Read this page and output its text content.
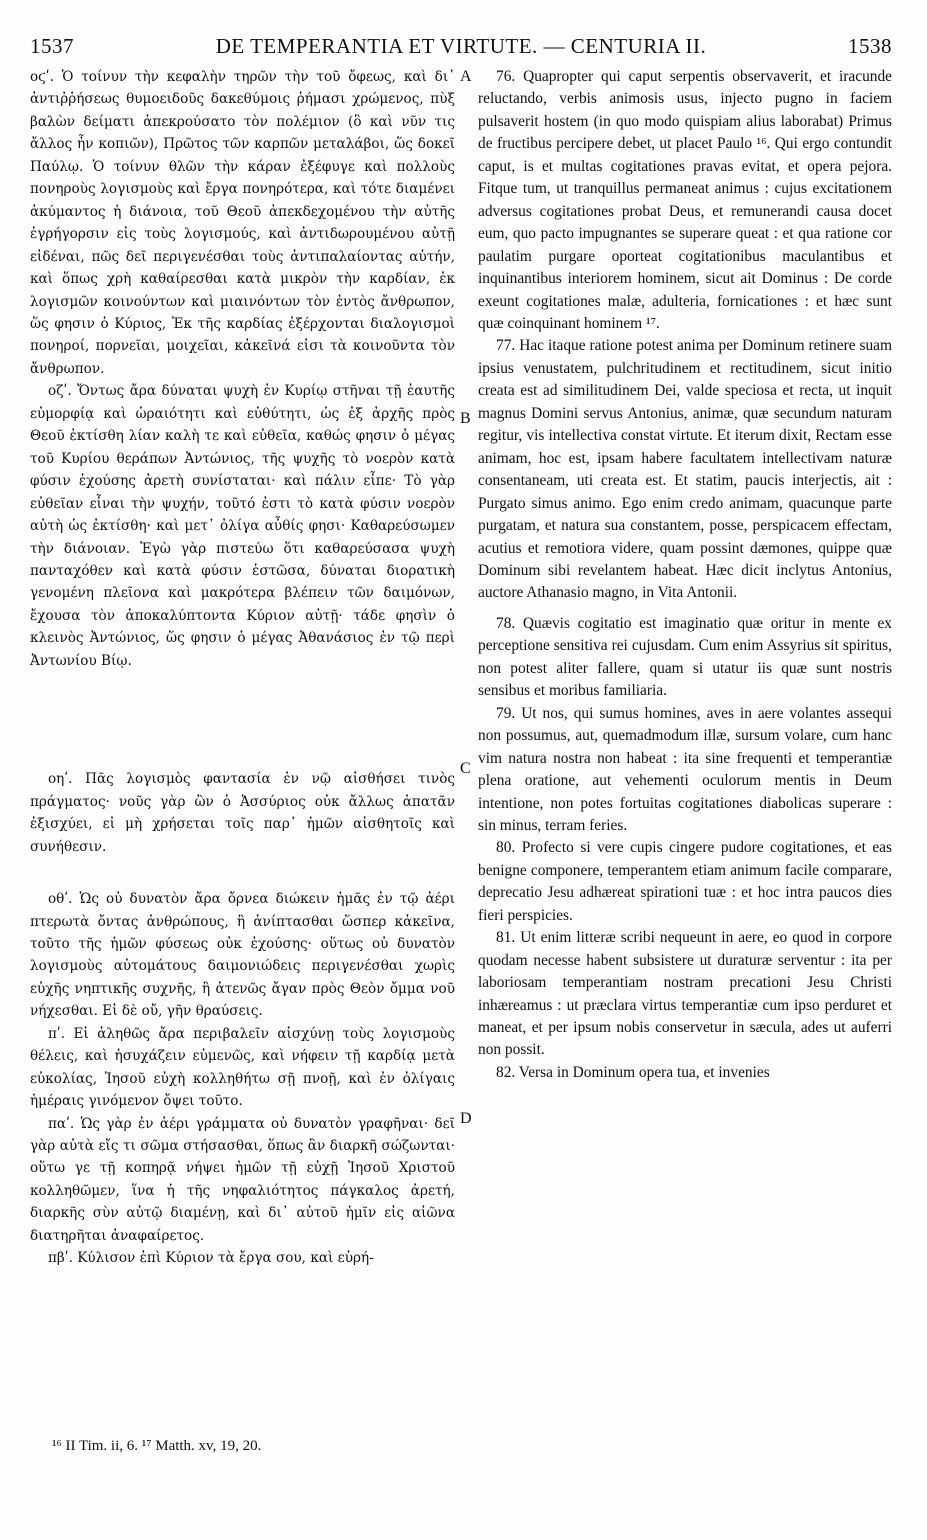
1537	DE TEMPERANTIA ET VIRTUTE. — CENTURIA II.	1538

οϛʹ. Ὁ τοίνυν τὴν κεφαλὴν τηρῶν τὴν τοῦ ὄφεως, καὶ δι᾽ ἀντιῤῥήσεως θυμοειδοῦς δακεθύμοις ῥήμασι χρώμενος, πὺξ βαλὼν δείματι ἀπεκρούσατο τὸν πολέμιον (ὃ καὶ νῦν τις ἄλλος ἦν κοπιῶν), Πρῶτος τῶν καρπῶν μεταλάβοι, ὥς δοκεῖ Παύλῳ. Ὁ τοίνυν θλῶν τὴν κάραν ἐξέφυγε καὶ πολλοὺς πονηροὺς λογισμοὺς καὶ ἔργα πονηρότερα, καὶ τότε διαμένει ἀκύμαντος ἡ διάνοια, τοῦ Θεοῦ ἀπεκδεχομένου τὴν αὐτῆς ἐγρήγορσιν εἰς τοὺς λογισμούς, καὶ ἀντιδωρουμένου αὐτῇ εἰδέναι, πῶς δεῖ περιγενέσθαι τοὺς ἀντιπαλαίοντας αὐτήν, καὶ ὅπως χρὴ καθαίρεσθαι κατὰ μικρὸν τὴν καρδίαν, ἐκ λογισμῶν κοινούντων καὶ μιαινόντων τὸν ἐντὸς ἄνθρωπον, ὥς φησιν ὁ Κύριος, Ἐκ τῆς καρδίας ἐξέρχονται διαλογισμοὶ πονηροί, πορνεῖαι, μοιχεῖαι, κἀκεῖνά εἰσι τὰ κοινοῦντα τὸν ἄνθρωπον.

οζʹ. Ὄντως ἄρα δύναται ψυχὴ ἐν Κυρίῳ στῆναι τῇ ἑαυτῆς εὐμορφίᾳ καὶ ὡραιότητι καὶ εὐθύτητι, ὡς ἐξ ἀρχῆς πρὸς Θεοῦ ἐκτίσθη λίαν καλὴ τε καὶ εὐθεῖα, καθώς φησιν ὁ μέγας τοῦ Κυρίου θεράπων Ἀντώνιος, τῆς ψυχῆς τὸ νοερὸν κατὰ φύσιν ἐχούσης ἀρετὴ συνίσταται· καὶ πάλιν εἶπε· Τὸ γὰρ εὐθεῖαν εἶναι τὴν ψυχήν, τοῦτό ἐστι τὸ κατὰ φύσιν νοερὸν αὐτὴ ὡς ἐκτίσθη· καὶ μετ᾽ ὀλίγα αὖθίς φησι· Καθαρεύσωμεν τὴν διάνοιαν. Ἐγὼ γὰρ πιστεύω ὅτι καθαρεύσασα ψυχὴ πανταχόθεν καὶ κατὰ φύσιν ἑστῶσα, δύναται διορατικὴ γενομένη πλεῖονα καὶ μακρότερα βλέπειν τῶν δαιμόνων, ἔχουσα τὸν ἀποκαλύπτοντα Κύριον αὐτῇ· τάδε φησὶν ὁ κλεινὸς Ἀντώνιος, ὥς φησιν ὁ μέγας Ἀθανάσιος ἐν τῷ περὶ Ἀντωνίου Βίῳ.

οηʹ. Πᾶς λογισμὸς φαντασία ἐν νῷ αἰσθήσει τινὸς πράγματος· νοῦς γὰρ ὢν ὁ Ἀσσύριος οὐκ ἄλλως ἀπατᾶν ἐξισχύει, εἰ μὴ χρήσεται τοῖς παρ᾽ ἡμῶν αἰσθητοῖς καὶ συνήθεσιν.

οθʹ. Ὡς οὐ δυνατὸν ἄρα ὄρνεα διώκειν ἡμᾶς ἐν τῷ ἀέρι πτερωτὰ ὄντας ἀνθρώπους, ἢ ἀνίπτασθαι ὥσπερ κἀκεῖνα, τοῦτο τῆς ἡμῶν φύσεως οὐκ ἐχούσης· οὕτως οὐ δυνατὸν λογισμοὺς αὐτομάτους δαιμονιώδεις περιγενέσθαι χωρὶς εὐχῆς νηπτικῆς συχνῆς, ἢ ἀτενῶς ἄγαν πρὸς Θεὸν ὄμμα νοῦ νήχεσθαι. Εἰ δὲ οὔ, γῆν θραύσεις.

πʹ. Εἰ ἀληθῶς ἄρα περιβαλεῖν αἰσχύνῃ τοὺς λογισμοὺς θέλεις, καὶ ἡσυχάζειν εὐμενῶς, καὶ νήφειν τῇ καρδίᾳ μετὰ εὐκολίας, Ἰησοῦ εὐχὴ κολληθήτω σῇ πνοῇ, καὶ ἐν ὀλίγαις ἡμέραις γινόμενον ὄψει τοῦτο.

παʹ. Ὡς γὰρ ἐν ἀέρι γράμματα οὐ δυνατὸν γραφῆναι· δεῖ γὰρ αὐτὰ εἴς τι σῶμα στήσασθαι, ὅπως ἂν διαρκῆ σώζωνται· οὕτω γε τῇ κοπηρᾷ νήψει ἡμῶν τῇ εὐχῇ Ἰησοῦ Χριστοῦ κολληθῶμεν, ἵνα ἡ τῆς νηφαλιότητος πάγκαλος ἀρετή, διαρκῆς σὺν αὐτῷ διαμένῃ, καὶ δι᾽ αὐτοῦ ἡμῖν εἰς αἰῶνα διατηρῆται ἀναφαίρετος.

πβʹ. Κύλισον ἐπὶ Κύριον τὰ ἔργα σου, καὶ εὑρή-

76. Quapropter qui caput serpentis observaverit, et iracunde reluctando, verbis animosis usus, injecto pugno in faciem pulsaverit hostem (in quo modo quispiam alius laborabat) Primus de fructibus percipere debet, ut placet Paulo ¹⁶. Qui ergo contundit caput, is et multas cogitationes pravas evitat, et opera pejora. Fitque tum, ut tranquillus permaneat animus : cujus excitationem adversus cogitationes probat Deus, et remunerandi causa docet eum, quo pacto impugnantes se superare queat : et qua ratione cor paulatim purgare oporteat cogitationibus maculantibus et inquinantibus interiorem hominem, sicut ait Dominus : De corde exeunt cogitationes malæ, adulteria, fornicationes : et hæc sunt quæ coinquinant hominem ¹⁷.

77. Hac itaque ratione potest anima per Dominum retinere suam ipsius venustatem, pulchritudinem et rectitudinem, sicut initio creata est ad similitudinem Dei, valde speciosa et recta, ut inquit magnus Domini servus Antonius, animæ, quæ secundum naturam regitur, vis intellectiva constat virtute. Et iterum dixit, Rectam esse animam, hoc est, ipsam habere facultatem intellectivam naturæ consentaneam, uti creata est. Et statim, paucis interjectis, ait : Purgato simus animo. Ego enim credo animam, quacunque parte purgatam, et natura sua constantem, posse, perspicacem effectam, acutius et remotiora videre, quam possint dæmones, quippe quæ Dominum sibi revelantem habeat. Hæc dicit inclytus Antonius, auctore Athanasio magno, in Vita Antonii.

78. Quævis cogitatio est imaginatio quæ oritur in mente ex perceptione sensitiva rei cujusdam. Cum enim Assyrius sit spiritus, non potest aliter fallere, quam si utatur iis quæ sunt nostris sensibus et moribus familiaria.

79. Ut nos, qui sumus homines, aves in aere volantes assequi non possumus, aut, quemadmodum illæ, sursum volare, cum hanc vim natura nostra non habeat : ita sine frequenti et temperantiæ plena oratione, aut vehementi oculorum mentis in Deum intentione, non potes fortuitas cogitationes diabolicas superare : sin minus, terram feries.

80. Profecto si vere cupis cingere pudore cogitationes, et eas benigne componere, temperantem etiam animum facile comparare, deprecatio Jesu adhæreat spirationi tuæ : et hoc intra paucos dies fieri perspicies.

81. Ut enim litteræ scribi nequeunt in aere, eo quod in corpore quodam necesse habent subsistere ut duraturæ serventur : ita per laboriosam temperantiam nostram precationi Jesu Christi inhæreamus : ut præclara virtus temperantiæ cum ipso perduret et maneat, et per ipsum nobis conservetur in sæcula, ades ut auferri non possit.

82. Versa in Dominum opera tua, et invenies

A
B
C
D
¹⁶ II Tim. ii, 6. ¹⁷ Matth. xv, 19, 20.
